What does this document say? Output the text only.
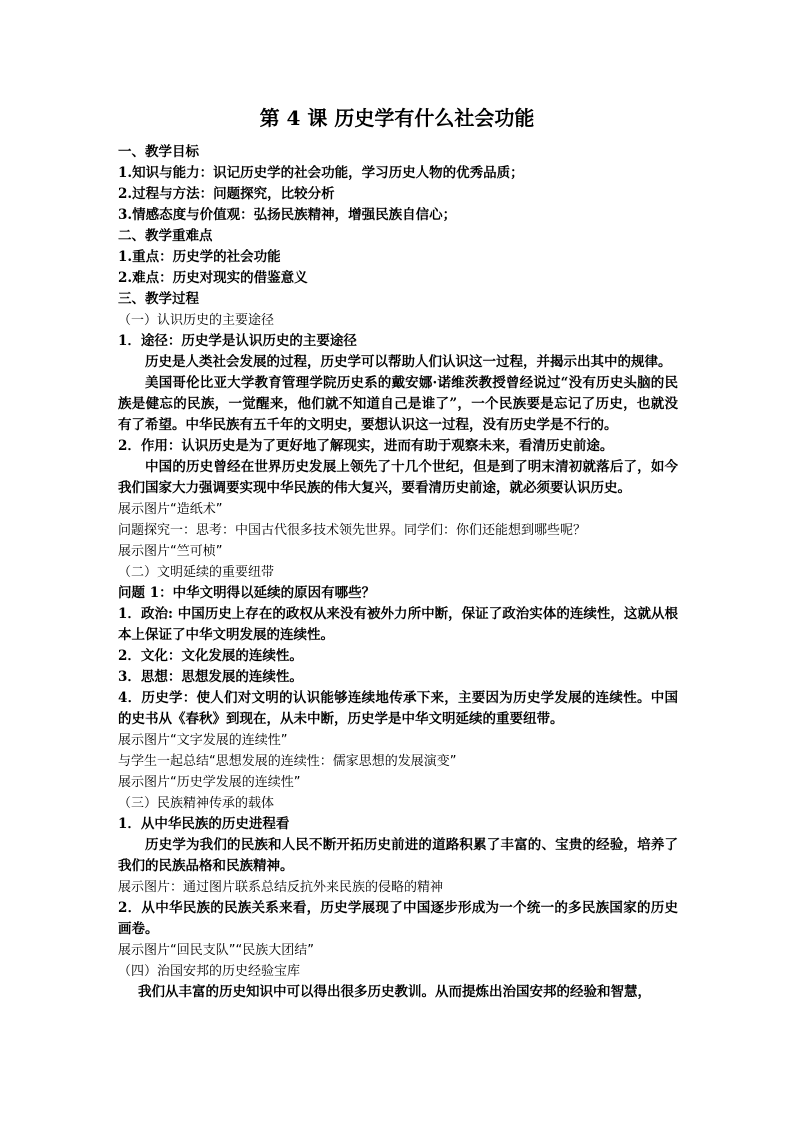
第 4 课 历史学有什么社会功能
一、教学目标
1.知识与能力：识记历史学的社会功能，学习历史人物的优秀品质；
2.过程与方法：问题探究，比较分析
3.情感态度与价值观：弘扬民族精神，增强民族自信心；
二、教学重难点
1.重点：历史学的社会功能
2.难点：历史对现实的借鉴意义
三、教学过程
（一）认识历史的主要途径
1．途径：历史学是认识历史的主要途径
历史是人类社会发展的过程，历史学可以帮助人们认识这一过程，并揭示出其中的规律。
美国哥伦比亚大学教育管理学院历史系的戴安娜·诺维茨教授曾经说过“没有历史头脑的民族是健忘的民族，一觉醒来，他们就不知道自己是谁了”，一个民族要是忘记了历史，也就没有了希望。中华民族有五千年的文明史，要想认识这一过程，没有历史学是不行的。
2．作用：认识历史是为了更好地了解现实，进而有助于观察未来，看清历史前途。
中国的历史曾经在世界历史发展上领先了十几个世纪，但是到了明末清初就落后了，如今我们国家大力强调要实现中华民族的伟大复兴，要看清历史前途，就必须要认识历史。
展示图片“造纸术”
问题探究一：思考：中国古代很多技术领先世界。同学们：你们还能想到哪些呢？
展示图片“竺可桢”
（二）文明延续的重要纽带
问题 1：中华文明得以延续的原因有哪些？
1．政治: 中国历史上存在的政权从来没有被外力所中断，保证了政治实体的连续性，这就从根本上保证了中华文明发展的连续性。
2．文化：文化发展的连续性。
3．思想：思想发展的连续性。
4．历史学：使人们对文明的认识能够连续地传承下来，主要因为历史学发展的连续性。中国的史书从《春秋》到现在，从未中断，历史学是中华文明延续的重要纽带。
展示图片“文字发展的连续性”
与学生一起总结“思想发展的连续性：儒家思想的发展演变”
展示图片“历史学发展的连续性”
（三）民族精神传承的载体
1．从中华民族的历史进程看
历史学为我们的民族和人民不断开拓历史前进的道路积累了丰富的、宝贵的经验，培养了我们的民族品格和民族精神。
展示图片：通过图片联系总结反抗外来民族的侵略的精神
2．从中华民族的民族关系来看，历史学展现了中国逐步形成为一个统一的多民族国家的历史画卷。
展示图片“回民支队”“民族大团结”
（四）治国安邦的历史经验宝库
我们从丰富的历史知识中可以得出很多历史教训。从而提炼出治国安邦的经验和智慧，
